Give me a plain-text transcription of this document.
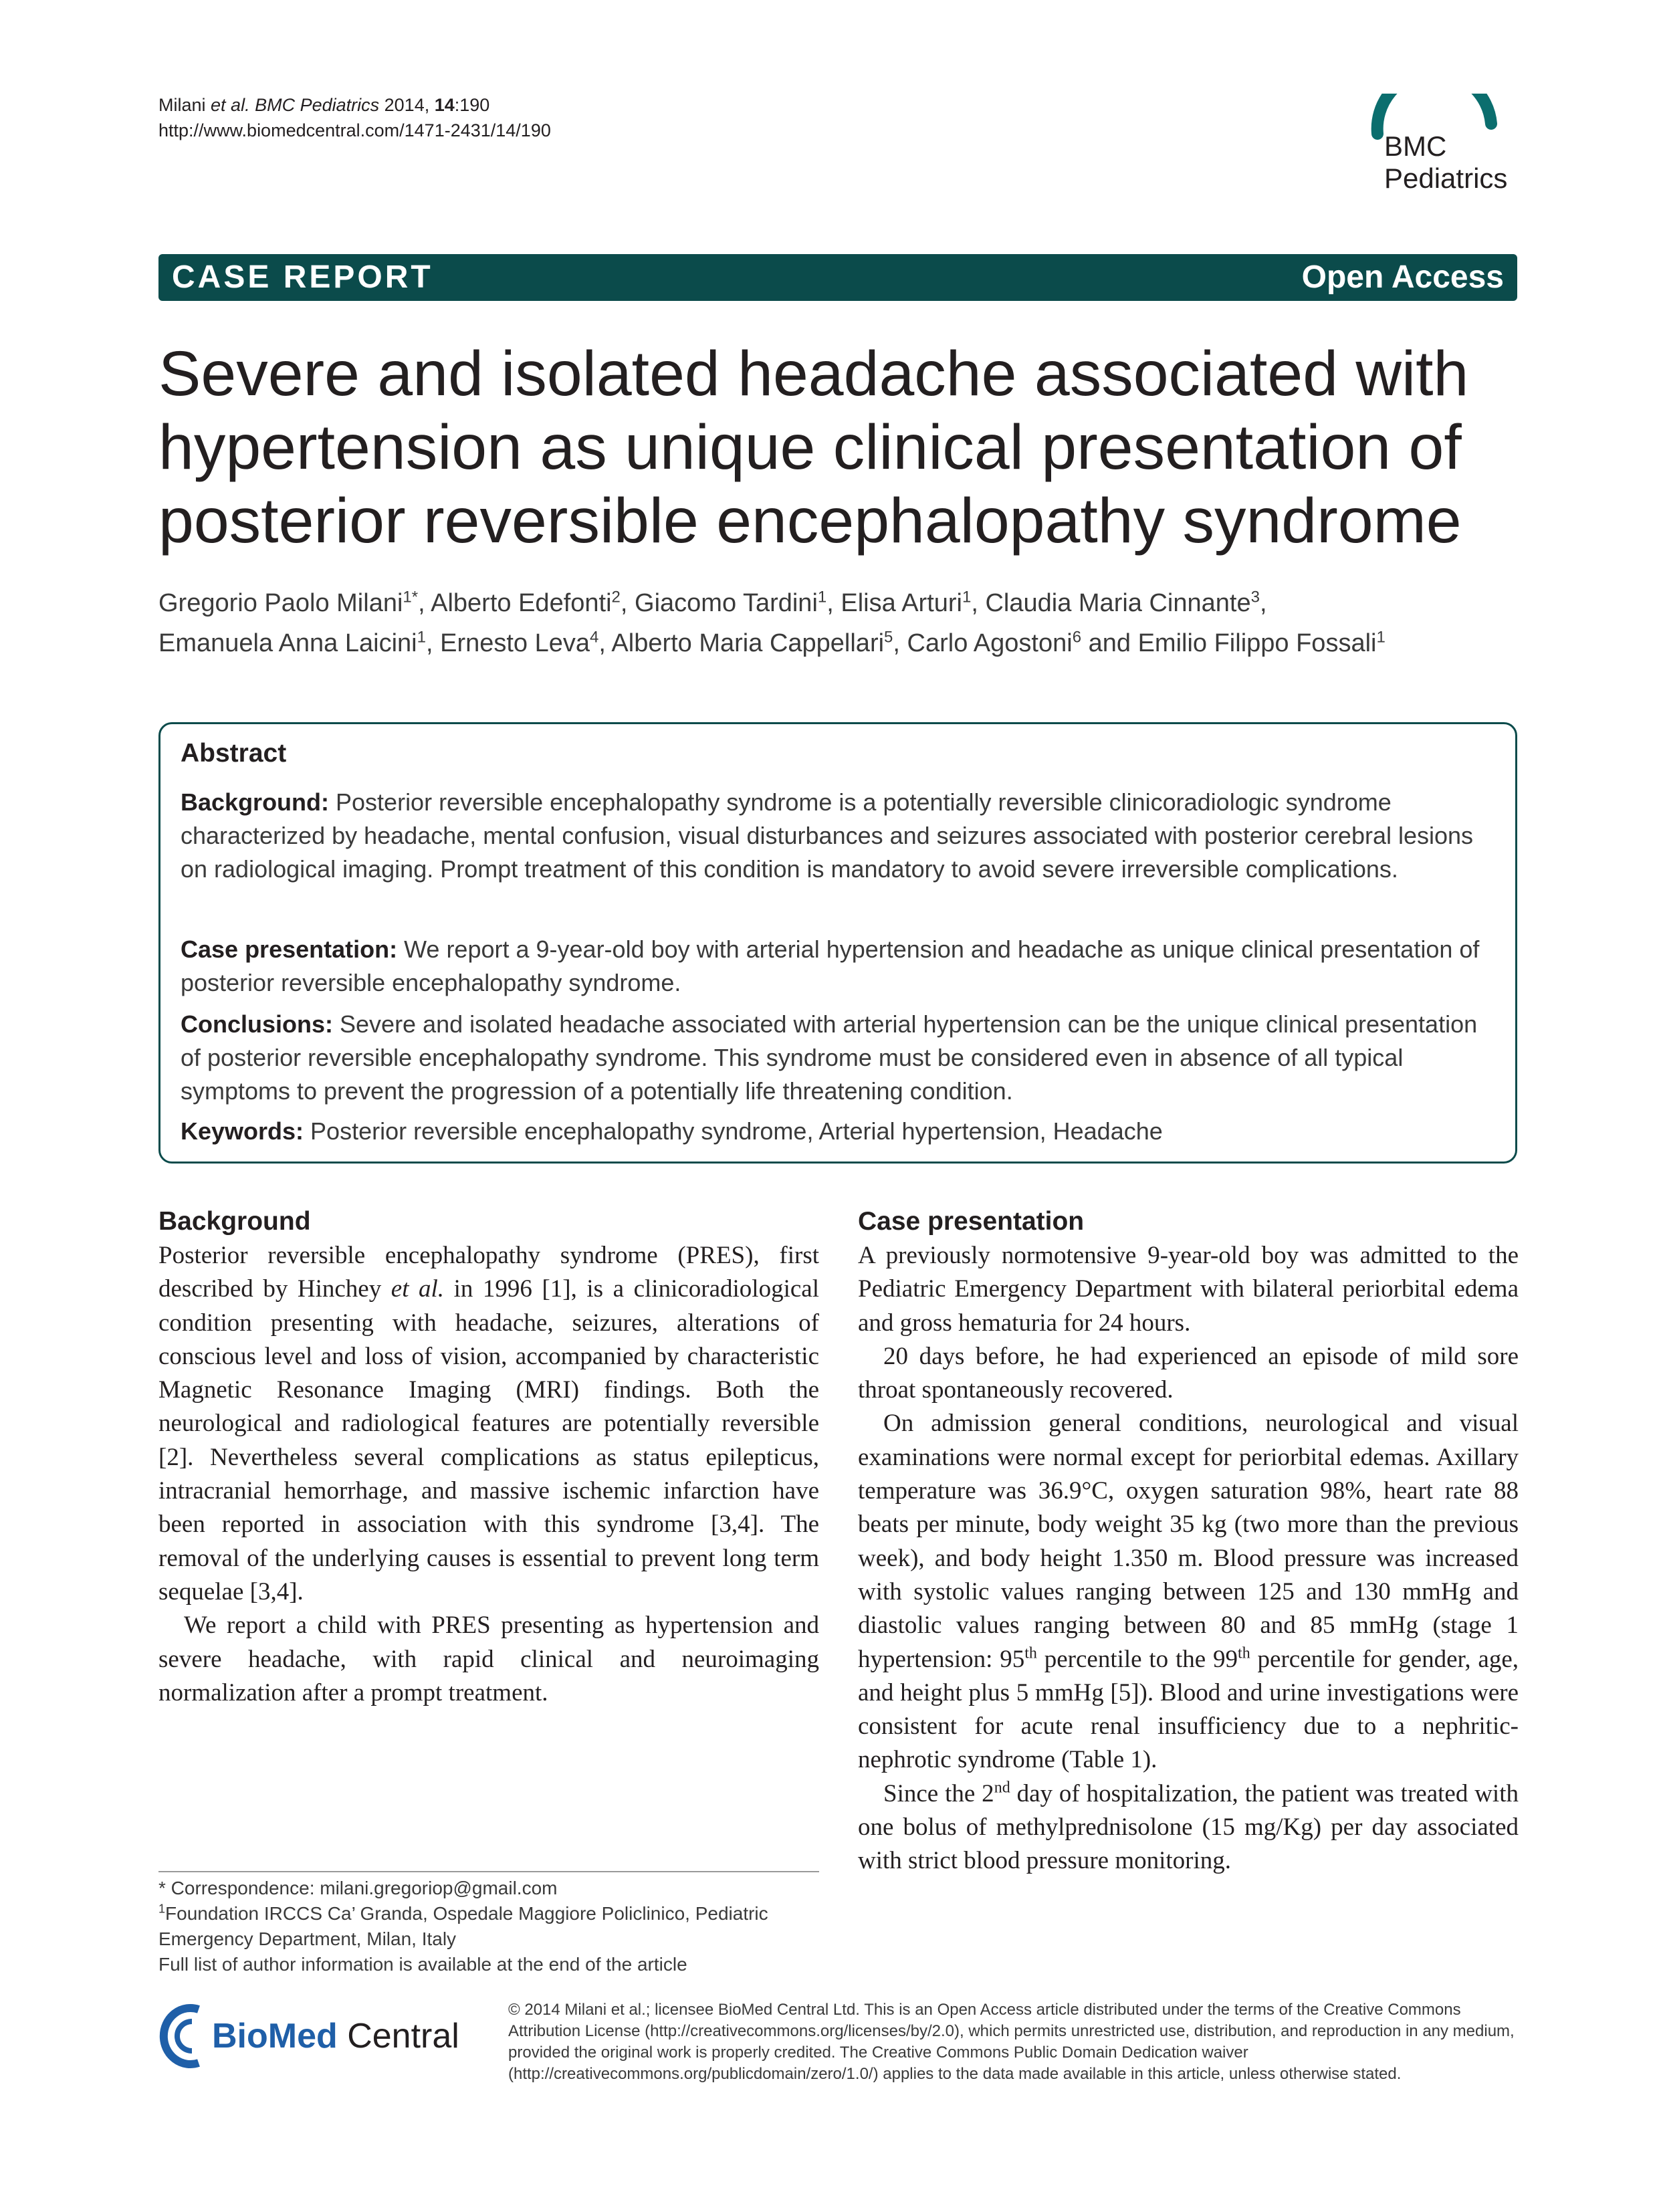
Milani et al. BMC Pediatrics 2014, 14:190
http://www.biomedcentral.com/1471-2431/14/190	BMC
Pediatrics
CASE REPORT	Open Access
Severe and isolated headache associated with hypertension as unique clinical presentation of posterior reversible encephalopathy syndrome
Gregorio Paolo Milani$^{1*}$, Alberto Edefonti$^2$, Giacomo Tardini$^1$, Elisa Arturi$^1$, Claudia Maria Cinnante$^3$,
Emanuela Anna Laicini$^1$, Ernesto Leva$^4$, Alberto Maria Cappellari$^5$, Carlo Agostoni$^6$ and Emilio Filippo Fossali$^1$
Abstract
Background: Posterior reversible encephalopathy syndrome is a potentially reversible clinicoradiologic syndrome characterized by headache, mental confusion, visual disturbances and seizures associated with posterior cerebral lesions on radiological imaging. Prompt treatment of this condition is mandatory to avoid severe irreversible complications.
Case presentation: We report a 9-year-old boy with arterial hypertension and headache as unique clinical presentation of posterior reversible encephalopathy syndrome.
Conclusions: Severe and isolated headache associated with arterial hypertension can be the unique clinical presentation of posterior reversible encephalopathy syndrome. This syndrome must be considered even in absence of all typical symptoms to prevent the progression of a potentially life threatening condition.
Keywords: Posterior reversible encephalopathy syndrome, Arterial hypertension, Headache
Background

Posterior reversible encephalopathy syndrome (PRES), first described by Hinchey et al. in 1996 [1], is a clinicoradiological condition presenting with headache, seizures, alterations of conscious level and loss of vision, accompanied by characteristic Magnetic Resonance Imaging (MRI) findings. Both the neurological and radiological features are potentially reversible [2]. Nevertheless several complications as status epilepticus, intracranial hemorrhage, and massive ischemic infarction have been reported in association with this syndrome [3,4]. The removal of the underlying causes is essential to prevent long term sequelae [3,4].

We report a child with PRES presenting as hypertension and severe headache, with rapid clinical and neuroimaging normalization after a prompt treatment.

Case presentation

A previously normotensive 9-year-old boy was admitted to the Pediatric Emergency Department with bilateral periorbital edema and gross hematuria for 24 hours.

20 days before, he had experienced an episode of mild sore throat spontaneously recovered.

On admission general conditions, neurological and visual examinations were normal except for periorbital edemas. Axillary temperature was 36.9°C, oxygen saturation 98%, heart rate 88 beats per minute, body weight 35 kg (two more than the previous week), and body height 1.350 m. Blood pressure was increased with systolic values ranging between 125 and 130 mmHg and diastolic values ranging between 80 and 85 mmHg (stage 1 hypertension: 95th percentile to the 99th percentile for gender, age, and height plus 5 mmHg [5]). Blood and urine investigations were consistent for acute renal insufficiency due to a nephritic-nephrotic syndrome (Table 1).

Since the 2nd day of hospitalization, the patient was treated with one bolus of methylprednisolone (15 mg/Kg) per day associated with strict blood pressure monitoring.

* Correspondence: milani.gregoriop@gmail.com
$^1$Foundation IRCCS Ca’ Granda, Ospedale Maggiore Policlinico, Pediatric Emergency Department, Milan, Italy
Full list of author information is available at the end of the article
BioMed Central
© 2014 Milani et al.; licensee BioMed Central Ltd. This is an Open Access article distributed under the terms of the Creative Commons Attribution License (http://creativecommons.org/licenses/by/2.0), which permits unrestricted use, distribution, and reproduction in any medium, provided the original work is properly credited. The Creative Commons Public Domain Dedication waiver (http://creativecommons.org/publicdomain/zero/1.0/) applies to the data made available in this article, unless otherwise stated.
